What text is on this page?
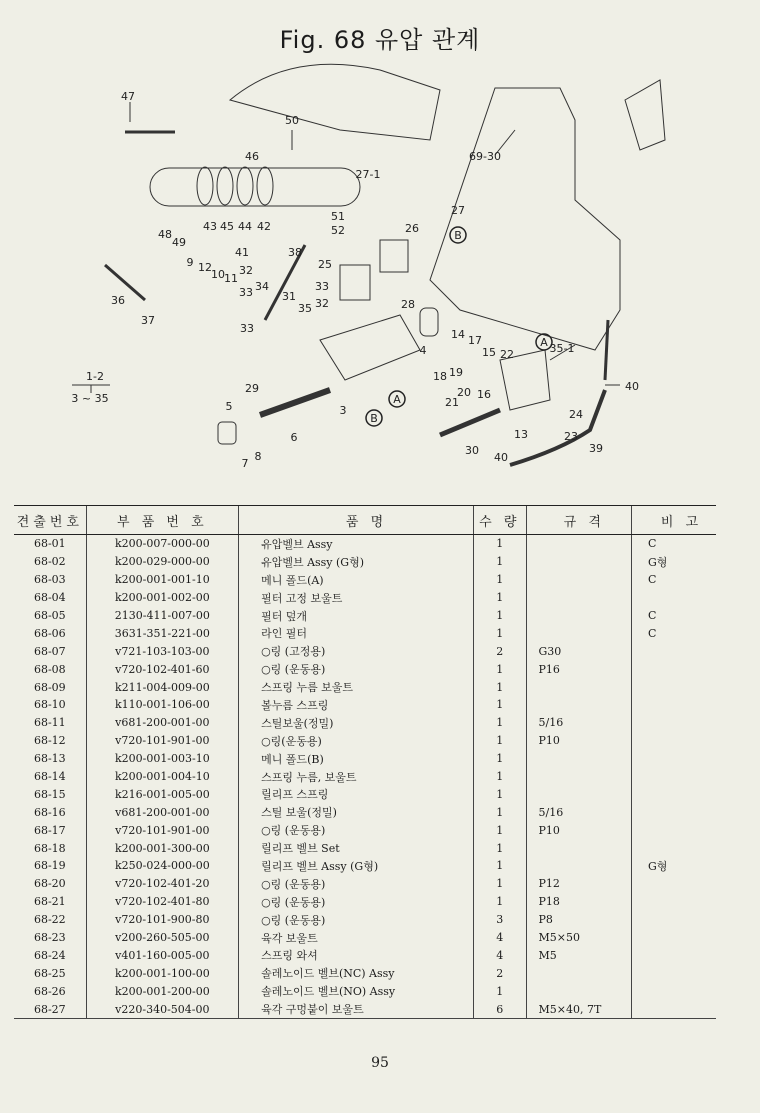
Fig. 68 유압 관계
47
50
46
27-1
69-30
51
52
27
26
25
48
49
43 45 44 42
41	38
9 12
10 11
32
33 34
31
33
32
35	28
36
37
33
4
14 17
15 22	35-1
18 19
20
21
16
40
1-2
3 ~ 35
29
5
6
7
8
3	24
13	23
39
30
40
B
B
A
A
견출번호	부 품 번 호	품 명	수 량	규 격	비 고
68-01	k200-007-000-00	유압벨브 Assy	1		C
68-02	k200-029-000-00	유압벨브 Assy (G형)	1		G형
68-03	k200-001-001-10	메니 폴드(A)	1		C
68-04	k200-001-002-00	필터 고정 보울트	1		
68-05	2130-411-007-00	필터 덮개	1		C
68-06	3631-351-221-00	라인 필터	1		C
68-07	v721-103-103-00	○링 (고정용)	2	G30	
68-08	v720-102-401-60	○링 (운동용)	1	P16	
68-09	k211-004-009-00	스프링 누름 보울트	1		
68-10	k110-001-106-00	볼누름 스프링	1		
68-11	v681-200-001-00	스틸보울(정밀)	1	5/16	
68-12	v720-101-901-00	○링(운동용)	1	P10	
68-13	k200-001-003-10	메니 폴드(B)	1		
68-14	k200-001-004-10	스프링 누름, 보울트	1		
68-15	k216-001-005-00	릴리프 스프링	1		
68-16	v681-200-001-00	스틸 보울(정밀)	1	5/16	
68-17	v720-101-901-00	○링 (운동용)	1	P10	
68-18	k200-001-300-00	릴리프 벨브 Set	1		
68-19	k250-024-000-00	릴리프 벨브 Assy (G형)	1		G형
68-20	v720-102-401-20	○링 (운동용)	1	P12	
68-21	v720-102-401-80	○링 (운동용)	1	P18	
68-22	v720-101-900-80	○링 (운동용)	3	P8	
68-23	v200-260-505-00	육각 보울트	4	M5×50	
68-24	v401-160-005-00	스프링 와셔	4	M5	
68-25	k200-001-100-00	솔레노이드 벨브(NC) Assy	2		
68-26	k200-001-200-00	솔레노이드 벨브(NO) Assy	1		
68-27	v220-340-504-00	육각 구멍붙이 보울트	6	M5×40, 7T	
95
